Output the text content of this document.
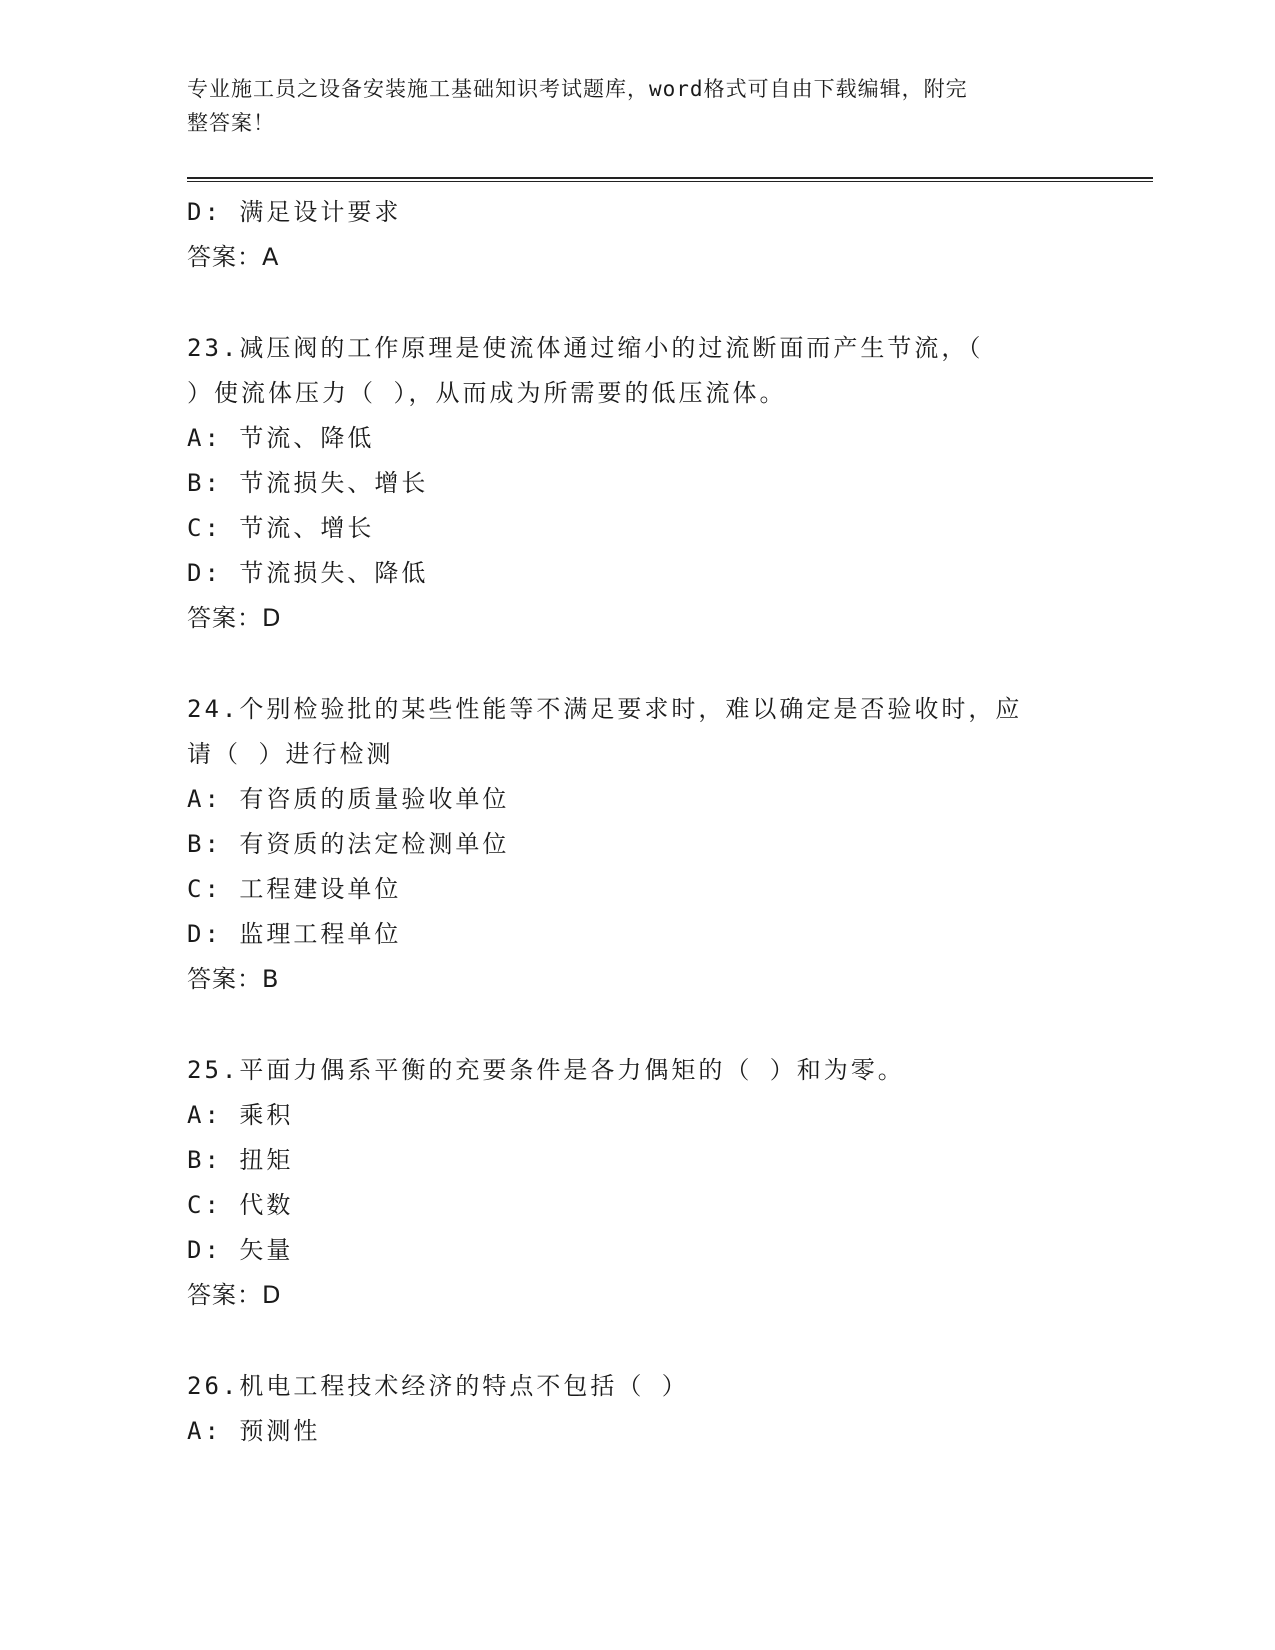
专业施工员之设备安装施工基础知识考试题库，word格式可自由下载编辑，附完
整答案！
D: 满足设计要求
答案：A
23.减压阀的工作原理是使流体通过缩小的过流断面而产生节流，（
）使流体压力（ ），从而成为所需要的低压流体。
A: 节流、降低
B: 节流损失、增长
C: 节流、增长
D: 节流损失、降低
答案：D
24.个别检验批的某些性能等不满足要求时，难以确定是否验收时，应
请（ ）进行检测
A: 有咨质的质量验收单位
B: 有资质的法定检测单位
C: 工程建设单位
D: 监理工程单位
答案：B
25.平面力偶系平衡的充要条件是各力偶矩的（ ）和为零。
A: 乘积
B: 扭矩
C: 代数
D: 矢量
答案：D
26.机电工程技术经济的特点不包括（ ）
A: 预测性
